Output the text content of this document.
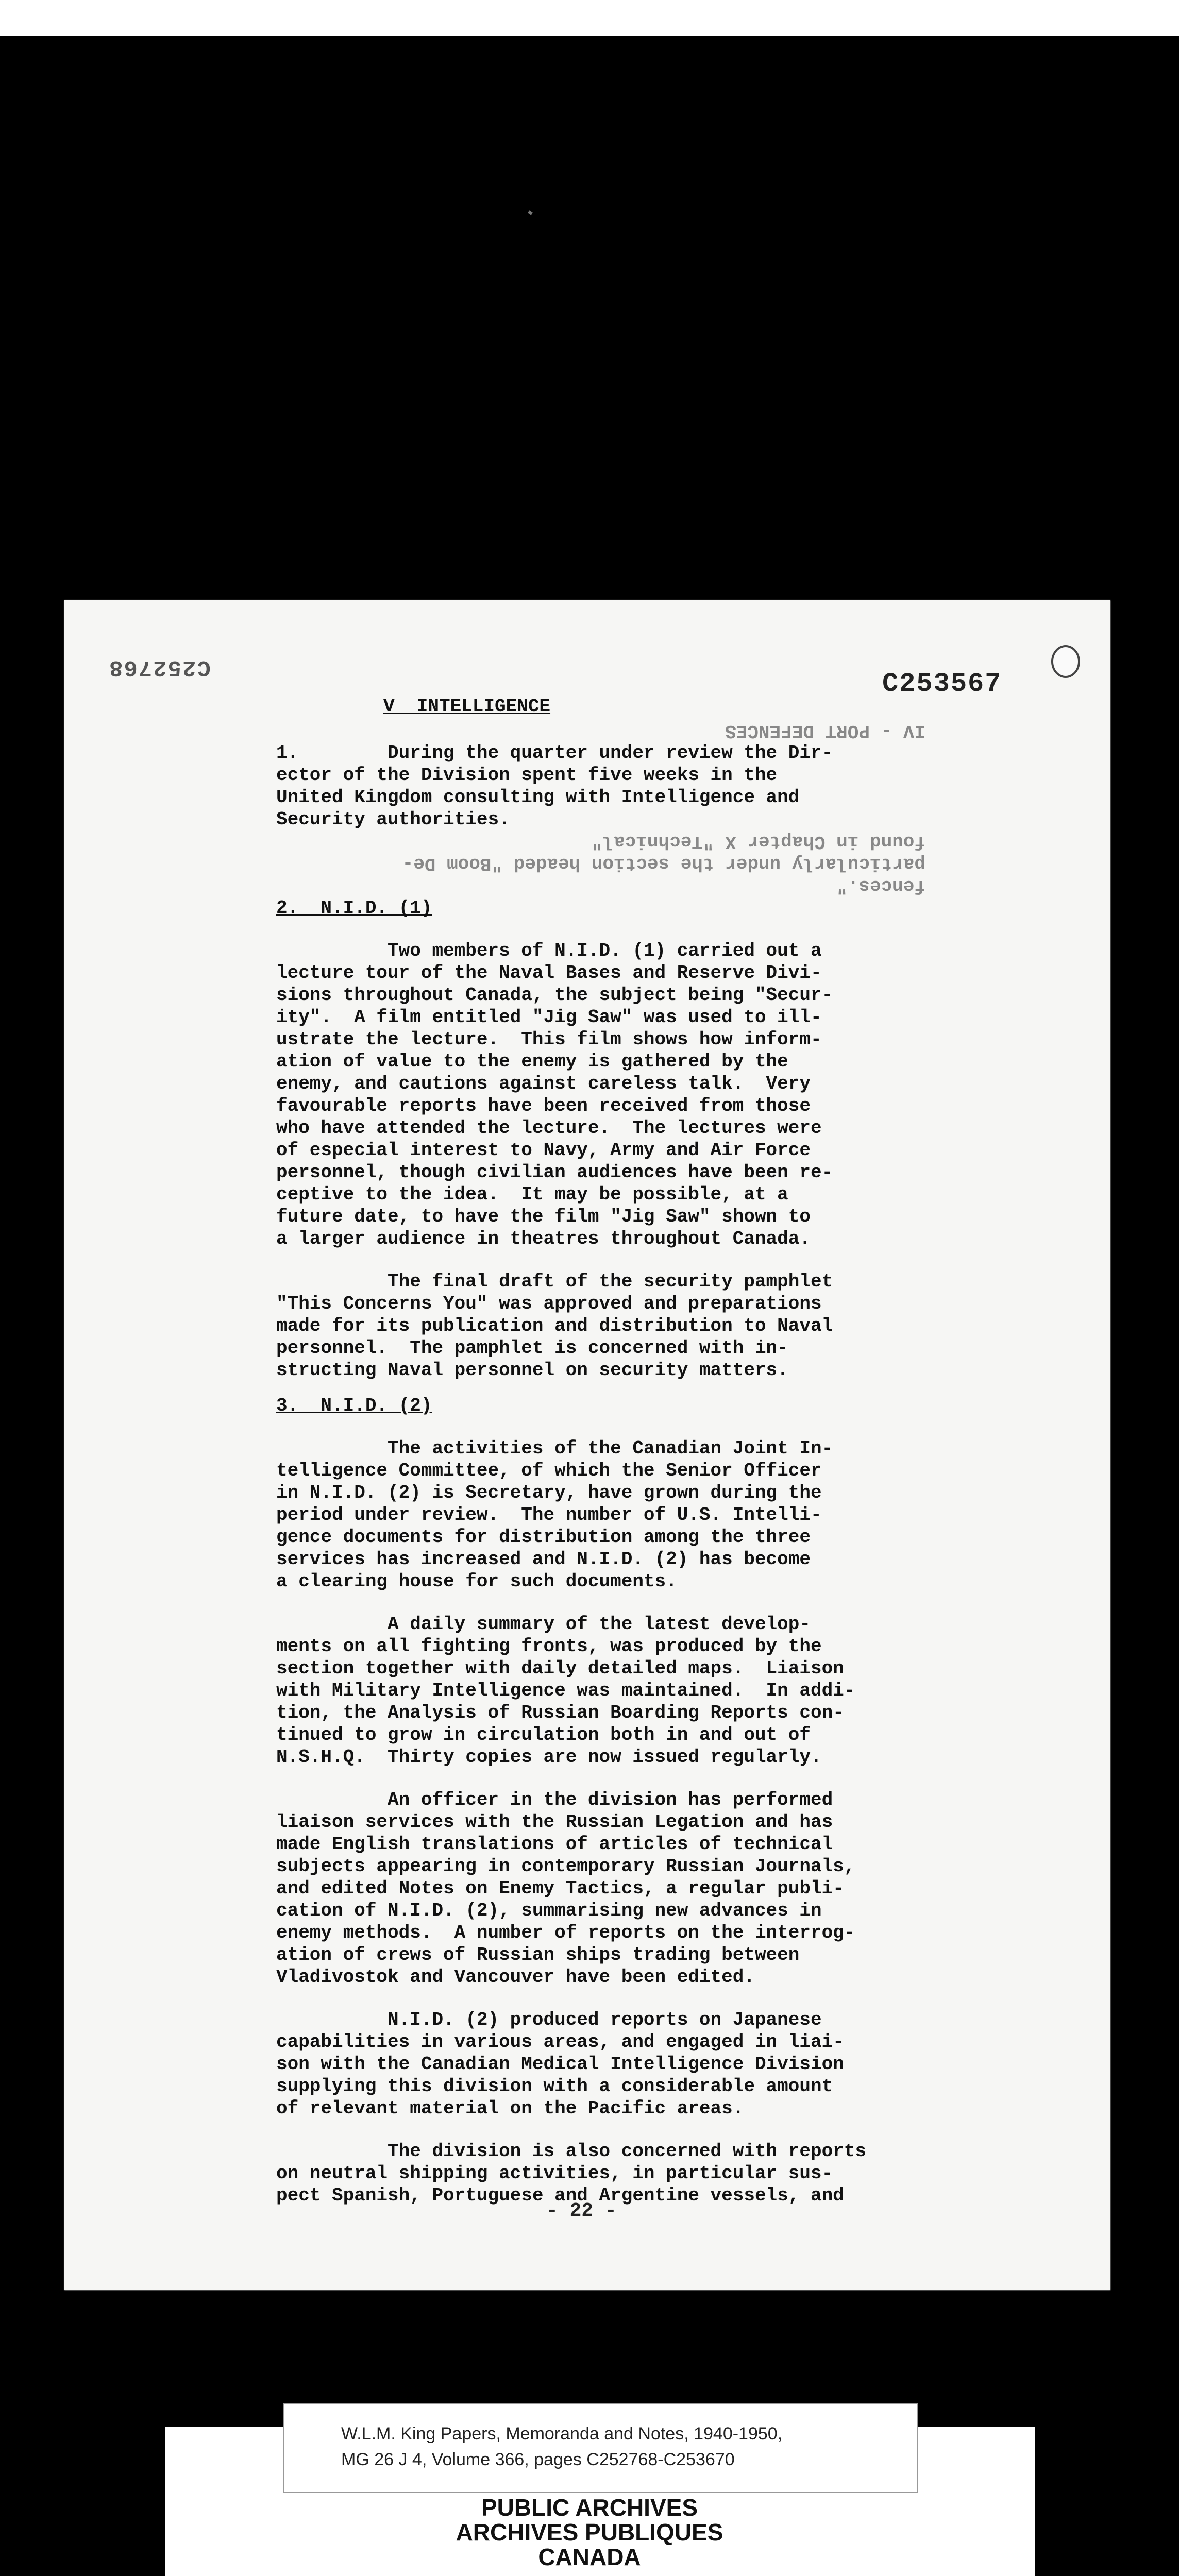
C252768
C253567
V  INTELLIGENCE
IV - PORT DEFENCES
1.        During the quarter under review the Dir-
ector of the Division spent five weeks in the
United Kingdom consulting with Intelligence and
Security authorities.
found in Chapter X "Technical"
particularly under the section headed "Boom De-
fences."
2.  N.I.D. (1)
Two members of N.I.D. (1) carried out a
lecture tour of the Naval Bases and Reserve Divi-
sions throughout Canada, the subject being "Secur-
ity".  A film entitled "Jig Saw" was used to ill-
ustrate the lecture.  This film shows how inform-
ation of value to the enemy is gathered by the
enemy, and cautions against careless talk.  Very
favourable reports have been received from those
who have attended the lecture.  The lectures were
of especial interest to Navy, Army and Air Force
personnel, though civilian audiences have been re-
ceptive to the idea.  It may be possible, at a
future date, to have the film "Jig Saw" shown to
a larger audience in theatres throughout Canada.
The final draft of the security pamphlet
"This Concerns You" was approved and preparations
made for its publication and distribution to Naval
personnel.  The pamphlet is concerned with in-
structing Naval personnel on security matters.
3.  N.I.D. (2)
The activities of the Canadian Joint In-
telligence Committee, of which the Senior Officer
in N.I.D. (2) is Secretary, have grown during the
period under review.  The number of U.S. Intelli-
gence documents for distribution among the three
services has increased and N.I.D. (2) has become
a clearing house for such documents.
A daily summary of the latest develop-
ments on all fighting fronts, was produced by the
section together with daily detailed maps.  Liaison
with Military Intelligence was maintained.  In addi-
tion, the Analysis of Russian Boarding Reports con-
tinued to grow in circulation both in and out of
N.S.H.Q.  Thirty copies are now issued regularly.
An officer in the division has performed
liaison services with the Russian Legation and has
made English translations of articles of technical
subjects appearing in contemporary Russian Journals,
and edited Notes on Enemy Tactics, a regular publi-
cation of N.I.D. (2), summarising new advances in
enemy methods.  A number of reports on the interrog-
ation of crews of Russian ships trading between
Vladivostok and Vancouver have been edited.
N.I.D. (2) produced reports on Japanese
capabilities in various areas, and engaged in liai-
son with the Canadian Medical Intelligence Division
supplying this division with a considerable amount
of relevant material on the Pacific areas.
The division is also concerned with reports
on neutral shipping activities, in particular sus-
pect Spanish, Portuguese and Argentine vessels, and
- 22 -
W.L.M. King Papers, Memoranda and Notes, 1940-1950,
MG 26 J 4, Volume 366, pages C252768-C253670
PUBLIC ARCHIVES
ARCHIVES PUBLIQUES
CANADA
